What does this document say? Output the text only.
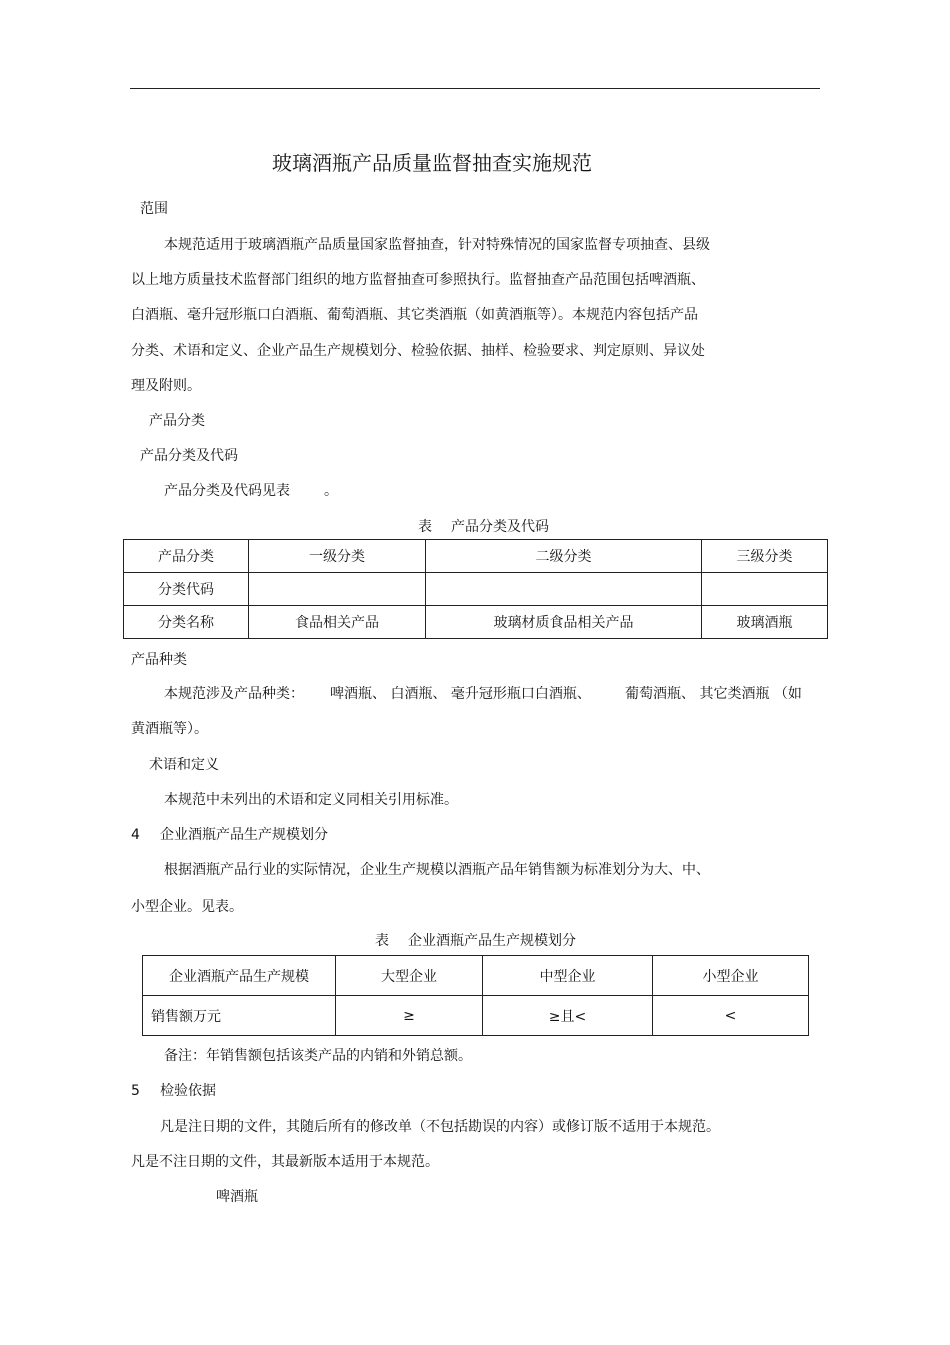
玻璃酒瓶产品质量监督抽查实施规范
范围
本规范适用于玻璃酒瓶产品质量国家监督抽查，针对特殊情况的国家监督专项抽查、县级
以上地方质量技术监督部门组织的地方监督抽查可参照执行。监督抽查产品范围包括啤酒瓶、
白酒瓶、毫升冠形瓶口白酒瓶、葡萄酒瓶、其它类酒瓶（如黄酒瓶等）。本规范内容包括产品
分类、术语和定义、企业产品生产规模划分、检验依据、抽样、检验要求、判定原则、异议处
理及附则。
产品分类
产品分类及代码
产品分类及代码见表 。
表 产品分类及代码
产品分类	一级分类	二级分类	三级分类
分类代码			
分类名称	食品相关产品	玻璃材质食品相关产品	玻璃酒瓶
产品种类
本规范涉及产品种类： 啤酒瓶、 白酒瓶、 毫升冠形瓶口白酒瓶、 葡萄酒瓶、 其它类酒瓶 （如
黄酒瓶等）。
术语和定义
本规范中未列出的术语和定义同相关引用标准。
4 企业酒瓶产品生产规模划分
根据酒瓶产品行业的实际情况，企业生产规模以酒瓶产品年销售额为标准划分为大、中、
小型企业。见表。
表 企业酒瓶产品生产规模划分
企业酒瓶产品生产规模	大型企业	中型企业	小型企业
销售额万元	≥	≥且<	<
备注：年销售额包括该类产品的内销和外销总额。
5 检验依据
凡是注日期的文件，其随后所有的修改单（不包括勘误的内容）或修订版不适用于本规范。
凡是不注日期的文件，其最新版本适用于本规范。
啤酒瓶
